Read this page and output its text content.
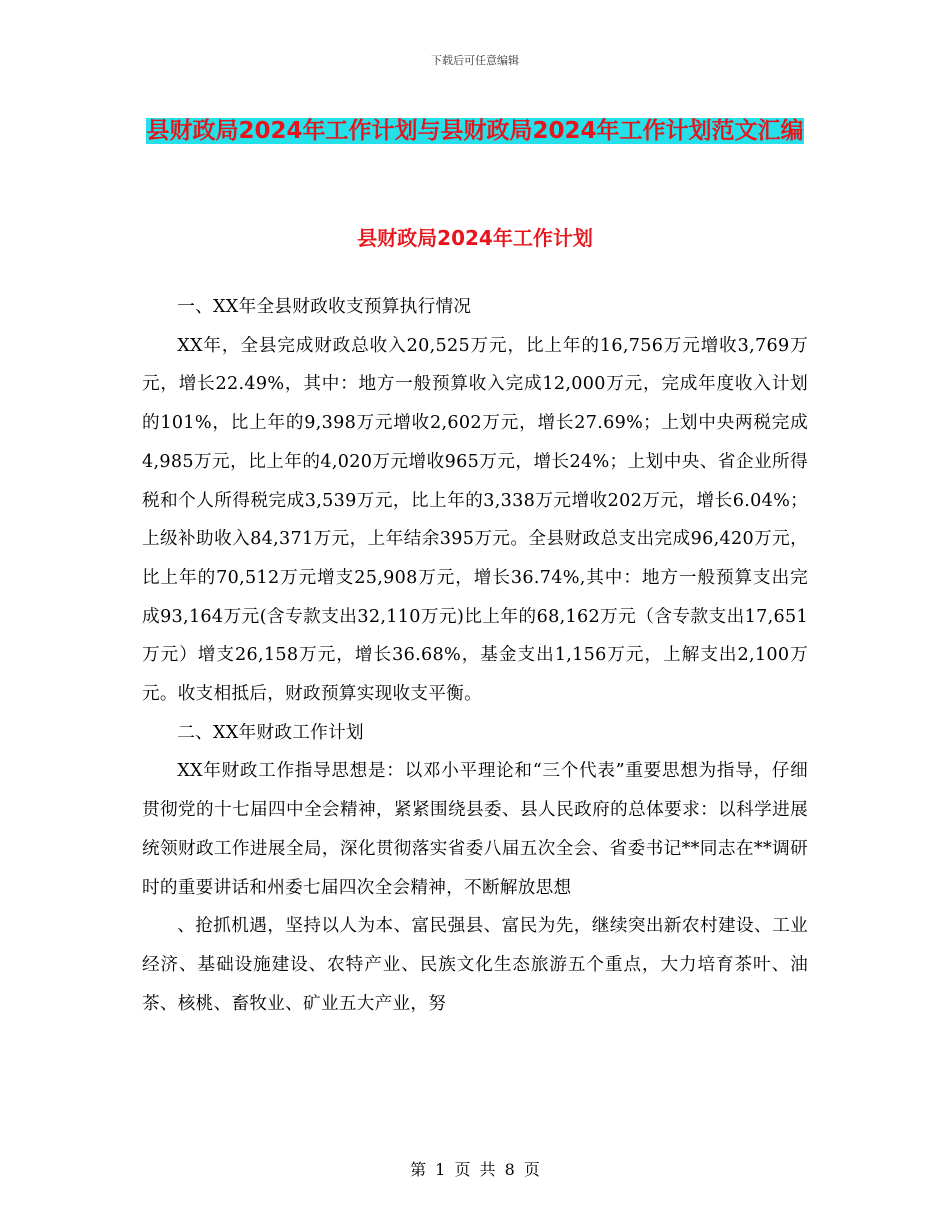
下载后可任意编辑
县财政局2024年工作计划与县财政局2024年工作计划范文汇编
县财政局2024年工作计划

一、XX年全县财政收支预算执行情况

XX年，全县完成财政总收入20,525万元，比上年的16,756万元增收3,769万元，增长22.49%，其中：地方一般预算收入完成12,000万元，完成年度收入计划的101%，比上年的9,398万元增收2,602万元，增长27.69%；上划中央两税完成4,985万元，比上年的4,020万元增收965万元，增长24%；上划中央、省企业所得税和个人所得税完成3,539万元，比上年的3,338万元增收202万元，增长6.04%；上级补助收入84,371万元，上年结余395万元。全县财政总支出完成96,420万元，比上年的70,512万元增支25,908万元，增长36.74%,其中：地方一般预算支出完成93,164万元(含专款支出32,110万元)比上年的68,162万元（含专款支出17,651万元）增支26,158万元，增长36.68%，基金支出1,156万元，上解支出2,100万元。收支相抵后，财政预算实现收支平衡。

二、XX年财政工作计划

XX年财政工作指导思想是：以邓小平理论和“三个代表”重要思想为指导，仔细贯彻党的十七届四中全会精神，紧紧围绕县委、县人民政府的总体要求：以科学进展统领财政工作进展全局，深化贯彻落实省委八届五次全会、省委书记**同志在**调研时的重要讲话和州委七届四次全会精神，不断解放思想

、抢抓机遇，坚持以人为本、富民强县、富民为先，继续突出新农村建设、工业经济、基础设施建设、农特产业、民族文化生态旅游五个重点，大力培育茶叶、油茶、核桃、畜牧业、矿业五大产业，努

第 1 页 共 8 页
